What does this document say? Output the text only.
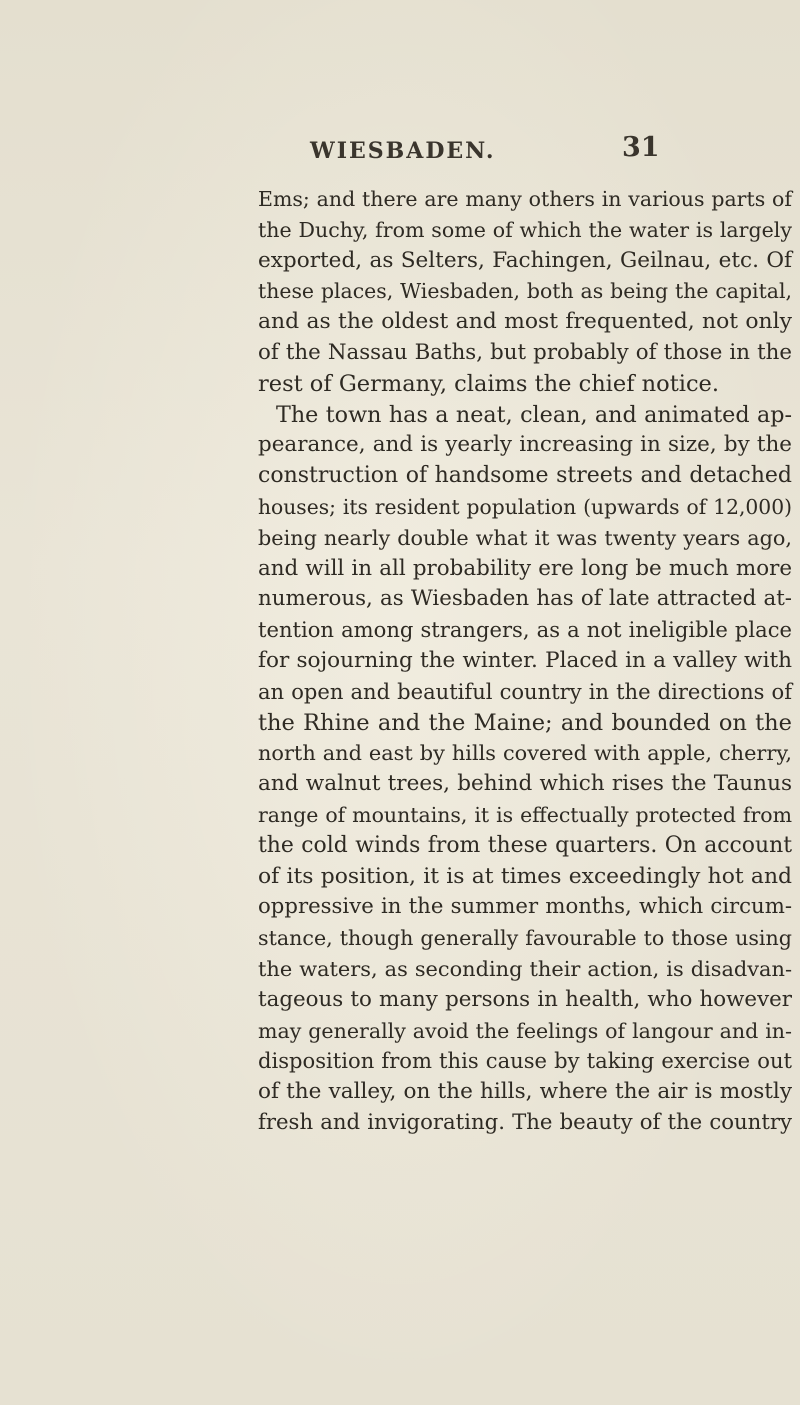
WIESBADEN.	31
Ems; and there are many others in various parts of
the Duchy, from some of which the water is largely
exported, as Selters, Fachingen, Geilnau, etc. Of
these places, Wiesbaden, both as being the capital,
and as the oldest and most frequented, not only
of the Nassau Baths, but probably of those in the
rest of Germany, claims the chief notice.
The town has a neat, clean, and animated ap-
pearance, and is yearly increasing in size, by the
construction of handsome streets and detached
houses; its resident population (upwards of 12,000)
being nearly double what it was twenty years ago,
and will in all probability ere long be much more
numerous, as Wiesbaden has of late attracted at-
tention among strangers, as a not ineligible place
for sojourning the winter. Placed in a valley with
an open and beautiful country in the directions of
the Rhine and the Maine; and bounded on the
north and east by hills covered with apple, cherry,
and walnut trees, behind which rises the Taunus
range of mountains, it is effectually protected from
the cold winds from these quarters. On account
of its position, it is at times exceedingly hot and
oppressive in the summer months, which circum-
stance, though generally favourable to those using
the waters, as seconding their action, is disadvan-
tageous to many persons in health, who however
may generally avoid the feelings of langour and in-
disposition from this cause by taking exercise out
of the valley, on the hills, where the air is mostly
fresh and invigorating. The beauty of the country
